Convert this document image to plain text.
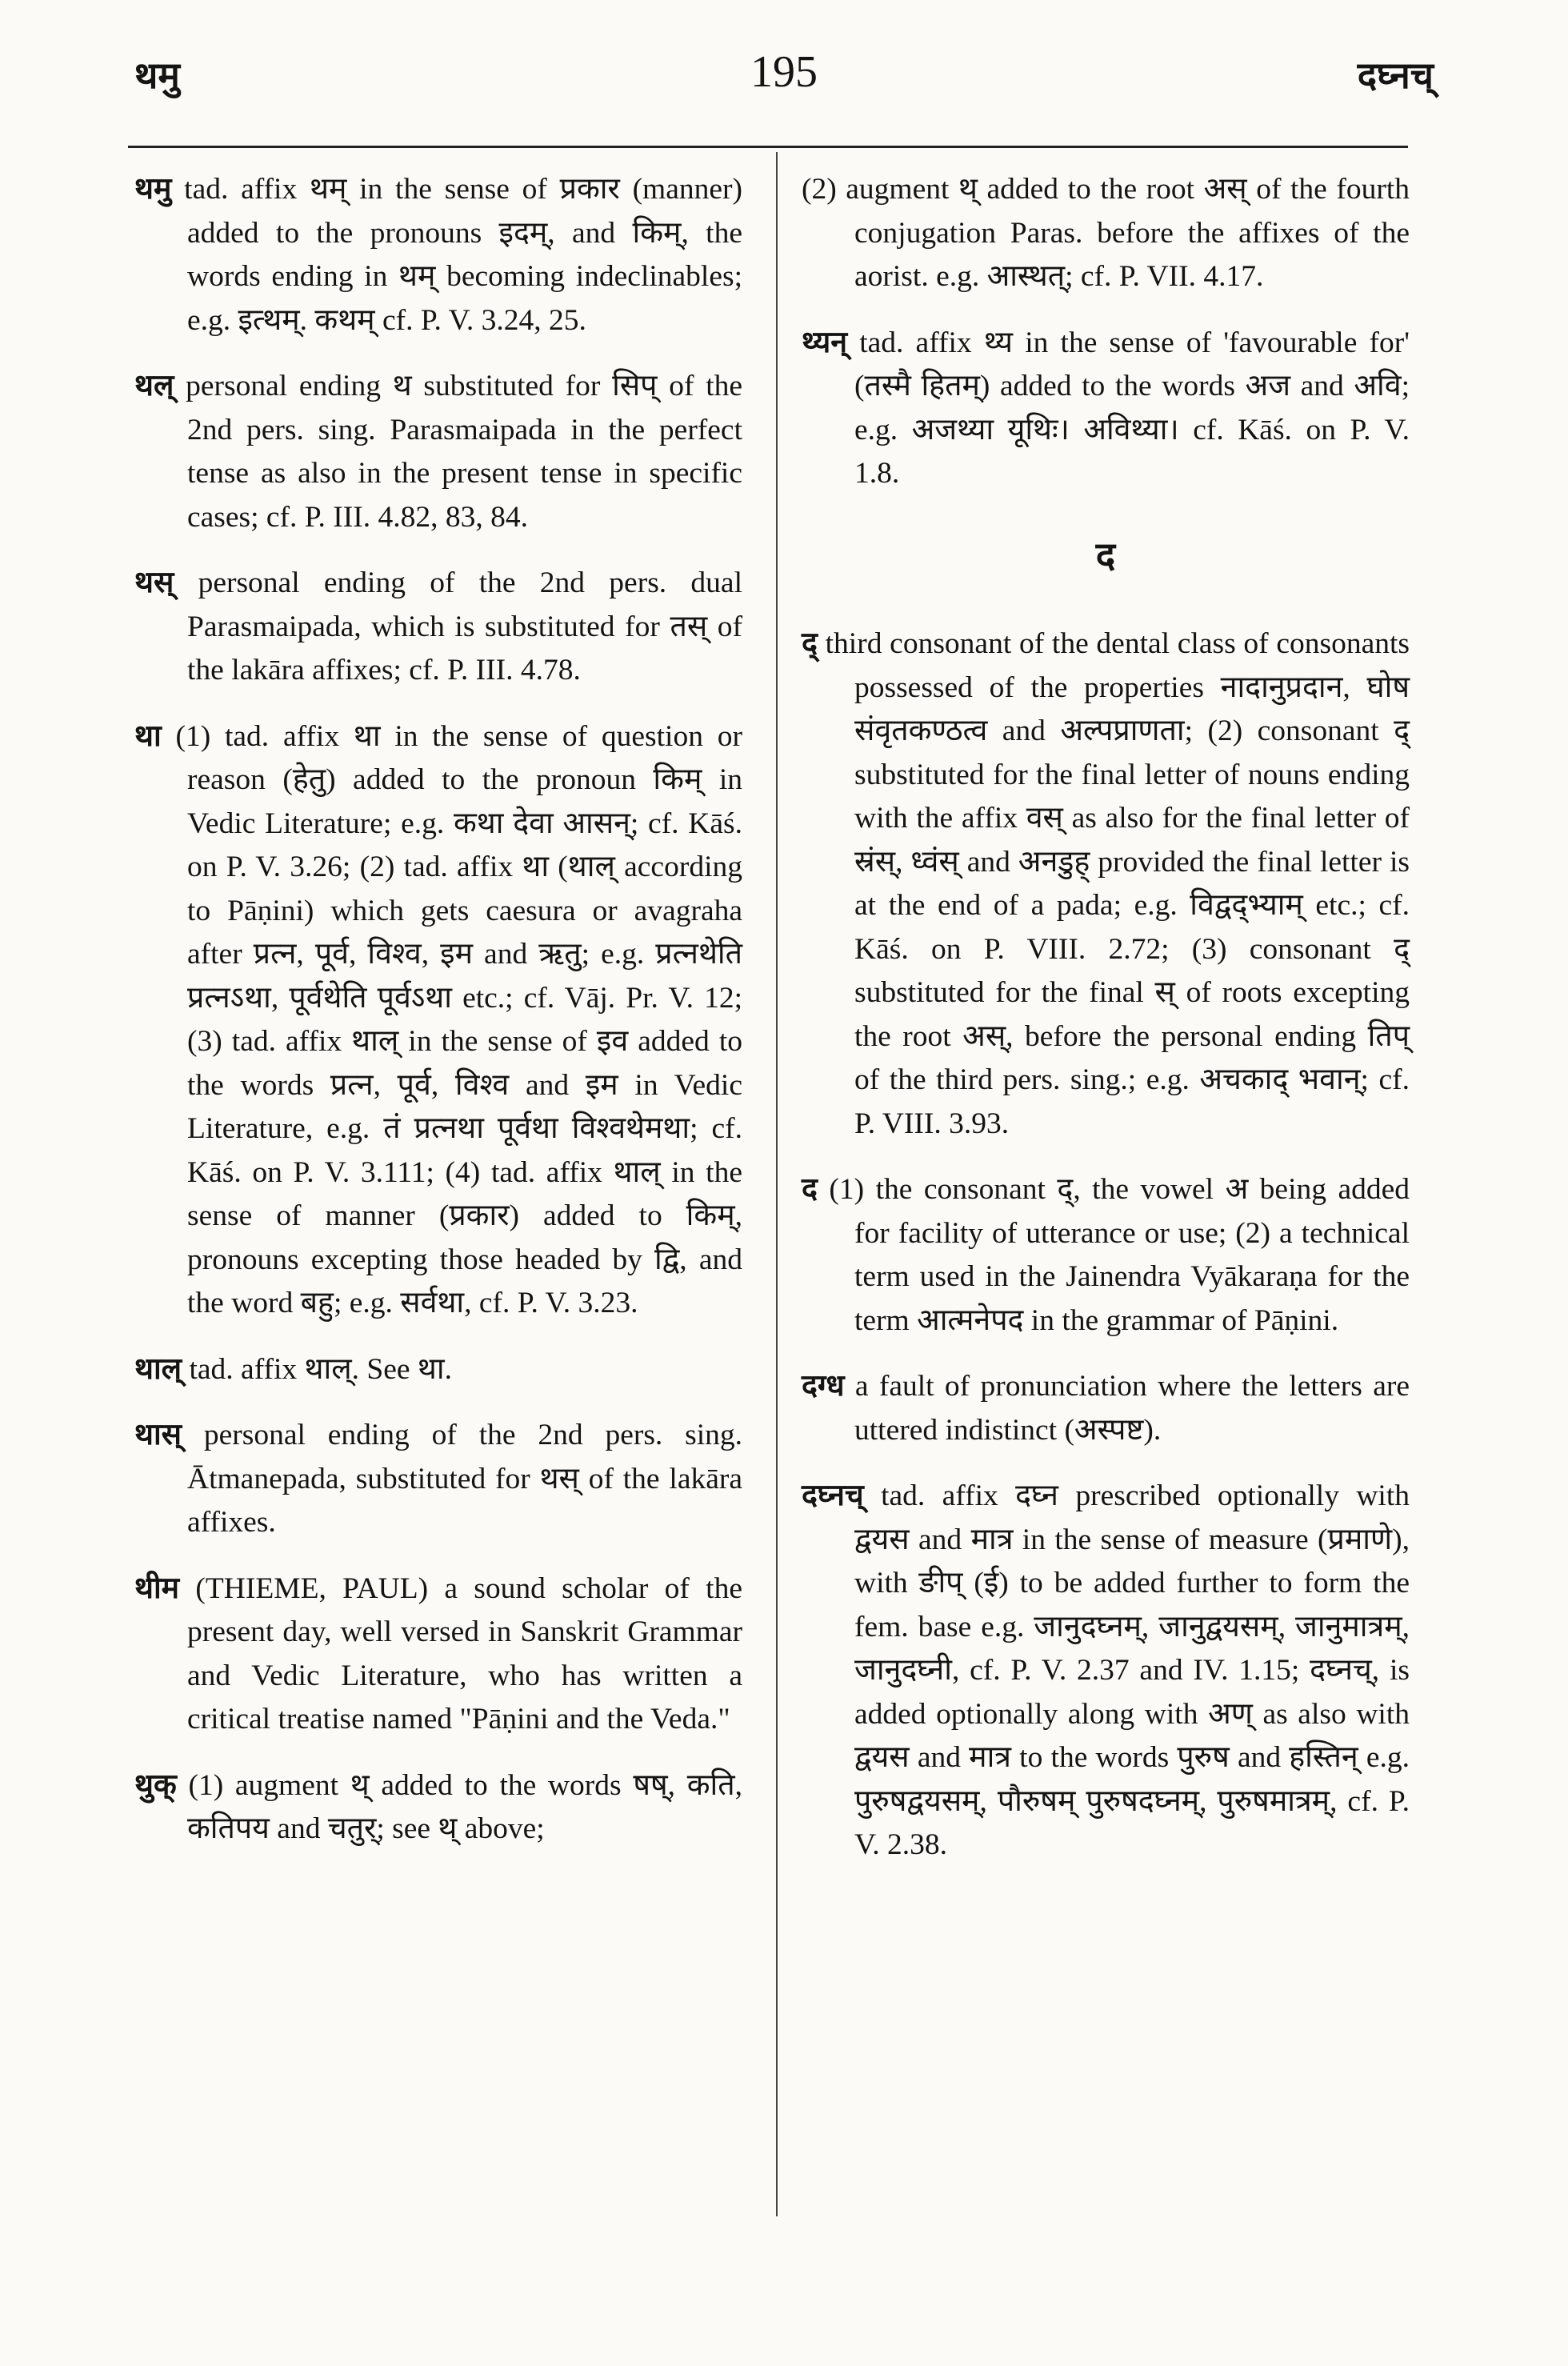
थमु	195	दघ्नच्

थमु tad. affix थम् in the sense of प्रकार (manner) added to the pronouns इदम्, and किम्, the words ending in थम् becoming indeclinables; e.g. इत्थम्. कथम् cf. P. V. 3.24, 25.

थल् personal ending थ substituted for सिप् of the 2nd pers. sing. Parasmaipada in the perfect tense as also in the present tense in specific cases; cf. P. III. 4.82, 83, 84.

थस् personal ending of the 2nd pers. dual Parasmaipada, which is substituted for तस् of the lakāra affixes; cf. P. III. 4.78.

था (1) tad. affix था in the sense of question or reason (हेतु) added to the pronoun किम् in Vedic Literature; e.g. कथा देवा आसन्; cf. Kāś. on P. V. 3.26; (2) tad. affix था (थाल् according to Pāṇini) which gets caesura or avagraha after प्रत्न, पूर्व, विश्व, इम and ऋतु; e.g. प्रत्नथेति प्रत्नऽथा, पूर्वथेति पूर्वऽथा etc.; cf. Vāj. Pr. V. 12; (3) tad. affix थाल् in the sense of इव added to the words प्रत्न, पूर्व, विश्व and इम in Vedic Literature, e.g. तं प्रत्नथा पूर्वथा विश्वथेमथा; cf. Kāś. on P. V. 3.111; (4) tad. affix थाल् in the sense of manner (प्रकार) added to किम्, pronouns excepting those headed by द्वि, and the word बहु; e.g. सर्वथा, cf. P. V. 3.23.

थाल् tad. affix थाल्. See था.

थास् personal ending of the 2nd pers. sing. Ātmanepada, substituted for थस् of the lakāra affixes.

थीम (THIEME, PAUL) a sound scholar of the present day, well versed in Sanskrit Grammar and Vedic Literature, who has written a critical treatise named "Pāṇini and the Veda."

थुक् (1) augment थ् added to the words षष्, कति, कतिपय and चतुर्; see थ् above;

(2) augment थ् added to the root अस् of the fourth conjugation Paras. before the affixes of the aorist. e.g. आस्थत्; cf. P. VII. 4.17.

थ्यन् tad. affix थ्य in the sense of 'favourable for' (तस्मै हितम्) added to the words अज and अवि; e.g. अजथ्या यूथिः। अविथ्या। cf. Kāś. on P. V. 1.8.

द

द् third consonant of the dental class of consonants possessed of the properties नादानुप्रदान, घोष संवृतकण्ठत्व and अल्पप्राणता; (2) consonant द् substituted for the final letter of nouns ending with the affix वस् as also for the final letter of स्रंस्, ध्वंस् and अनडुह् provided the final letter is at the end of a pada; e.g. विद्वद्भ्याम् etc.; cf. Kāś. on P. VIII. 2.72; (3) consonant द् substituted for the final स् of roots excepting the root अस्, before the personal ending तिप् of the third pers. sing.; e.g. अचकाद् भवान्; cf. P. VIII. 3.93.

द (1) the consonant द्, the vowel अ being added for facility of utterance or use; (2) a technical term used in the Jainendra Vyākaraṇa for the term आत्मनेपद in the grammar of Pāṇini.

दग्ध a fault of pronunciation where the letters are uttered indistinct (अस्पष्ट).

दघ्नच् tad. affix दघ्न prescribed optionally with द्वयस and मात्र in the sense of measure (प्रमाणे), with ङीप् (ई) to be added further to form the fem. base e.g. जानुदघ्नम्, जानुद्वयसम्, जानुमात्रम्, जानुदघ्नी, cf. P. V. 2.37 and IV. 1.15; दघ्नच्, is added optionally along with अण् as also with द्वयस and मात्र to the words पुरुष and हस्तिन् e.g. पुरुषद्वयसम्, पौरुषम् पुरुषदघ्नम्, पुरुषमात्रम्, cf. P. V. 2.38.
